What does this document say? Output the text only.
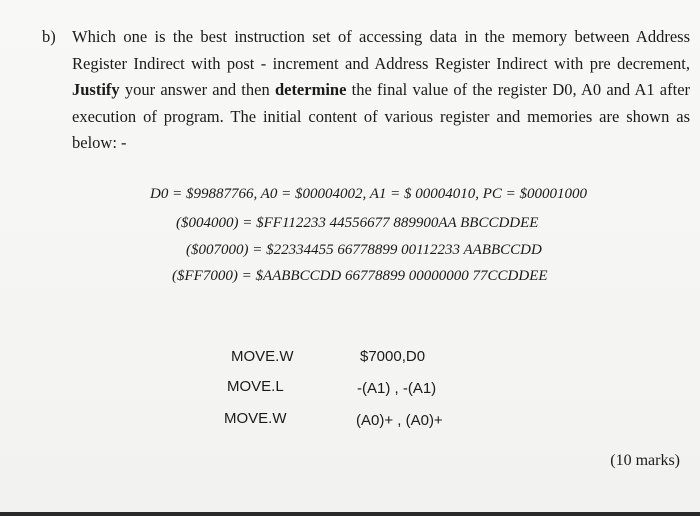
b) Which one is the best instruction set of accessing data in the memory between Address Register Indirect with post - increment and Address Register Indirect with pre decrement, Justify your answer and then determine the final value of the register D0, A0 and A1 after execution of program. The initial content of various register and memories are shown as below: -
D0 = $99887766, A0 = $00004002, A1 = $ 00004010, PC = $00001000
($004000) = $FF112233 44556677 889900AA BBCCDDEE
($007000) = $22334455 66778899 00112233 AABBCCDD
($FF7000) = $AABBCCDD 66778899 00000000 77CCDDEE
MOVE.W	$7000,D0
MOVE.L	-(A1) , -(A1)
MOVE.W	(A0)+ , (A0)+
(10 marks)
